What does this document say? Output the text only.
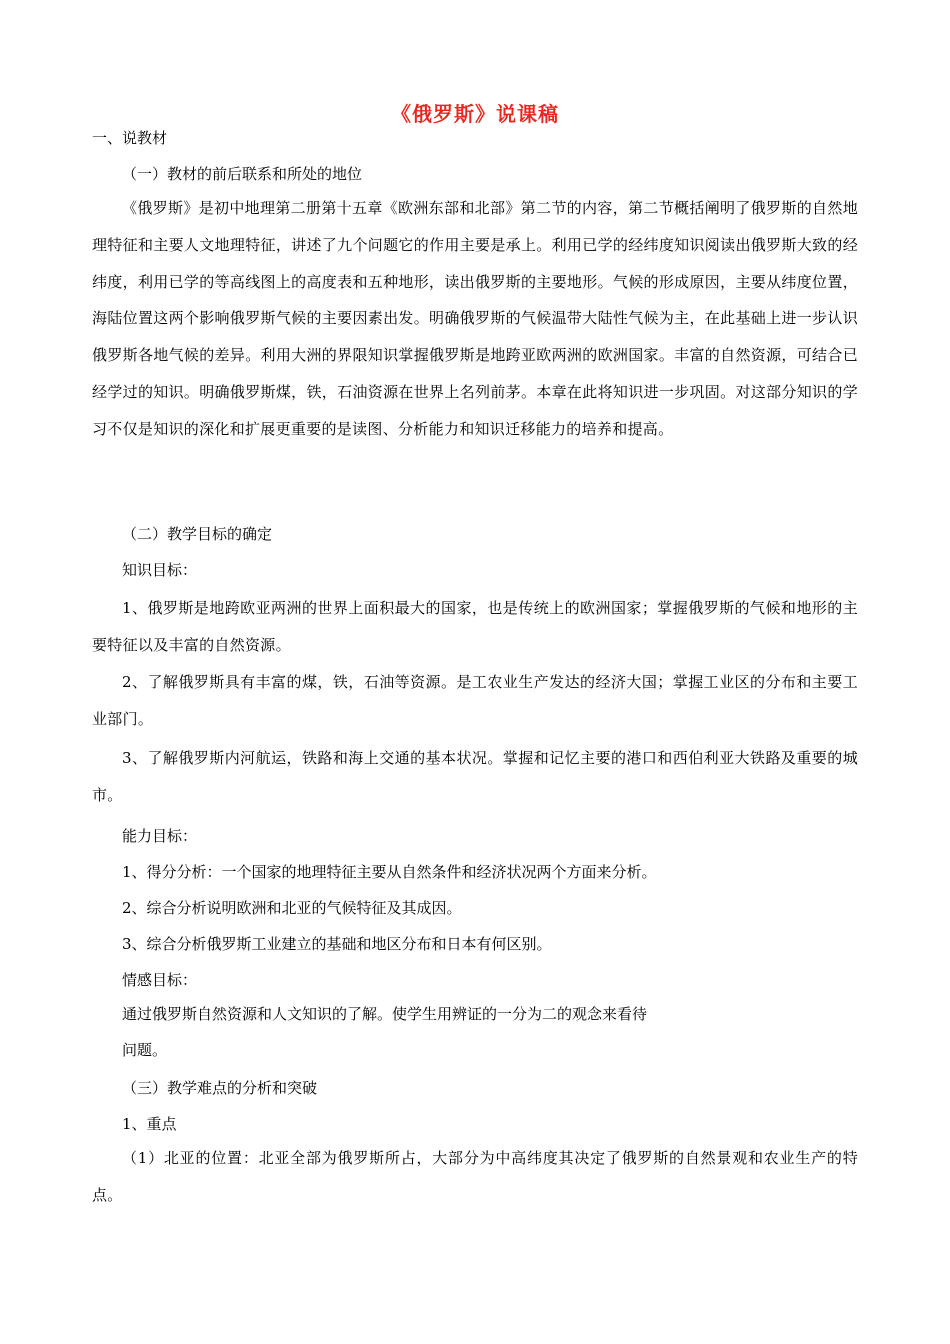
《俄罗斯》说课稿
一、说教材
（一）教材的前后联系和所处的地位
《俄罗斯》是初中地理第二册第十五章《欧洲东部和北部》第二节的内容，第二节概括阐明了俄罗斯的自然地理特征和主要人文地理特征，讲述了九个问题它的作用主要是承上。利用已学的经纬度知识阅读出俄罗斯大致的经纬度，利用已学的等高线图上的高度表和五种地形，读出俄罗斯的主要地形。气候的形成原因，主要从纬度位置，海陆位置这两个影响俄罗斯气候的主要因素出发。明确俄罗斯的气候温带大陆性气候为主，在此基础上进一步认识俄罗斯各地气候的差异。利用大洲的界限知识掌握俄罗斯是地跨亚欧两洲的欧洲国家。丰富的自然资源，可结合已经学过的知识。明确俄罗斯煤，铁，石油资源在世界上名列前茅。本章在此将知识进一步巩固。对这部分知识的学习不仅是知识的深化和扩展更重要的是读图、分析能力和知识迁移能力的培养和提高。
（二）教学目标的确定
知识目标：
1、俄罗斯是地跨欧亚两洲的世界上面积最大的国家，也是传统上的欧洲国家；掌握俄罗斯的气候和地形的主要特征以及丰富的自然资源。
2、了解俄罗斯具有丰富的煤，铁，石油等资源。是工农业生产发达的经济大国；掌握工业区的分布和主要工业部门。
3、了解俄罗斯内河航运，铁路和海上交通的基本状况。掌握和记忆主要的港口和西伯利亚大铁路及重要的城市。
能力目标：
1、得分分析：一个国家的地理特征主要从自然条件和经济状况两个方面来分析。
2、综合分析说明欧洲和北亚的气候特征及其成因。
3、综合分析俄罗斯工业建立的基础和地区分布和日本有何区别。
情感目标：
通过俄罗斯自然资源和人文知识的了解。使学生用辨证的一分为二的观念来看待
问题。
（三）教学难点的分析和突破
1、重点
（1）北亚的位置：北亚全部为俄罗斯所占，大部分为中高纬度其决定了俄罗斯的自然景观和农业生产的特点。
